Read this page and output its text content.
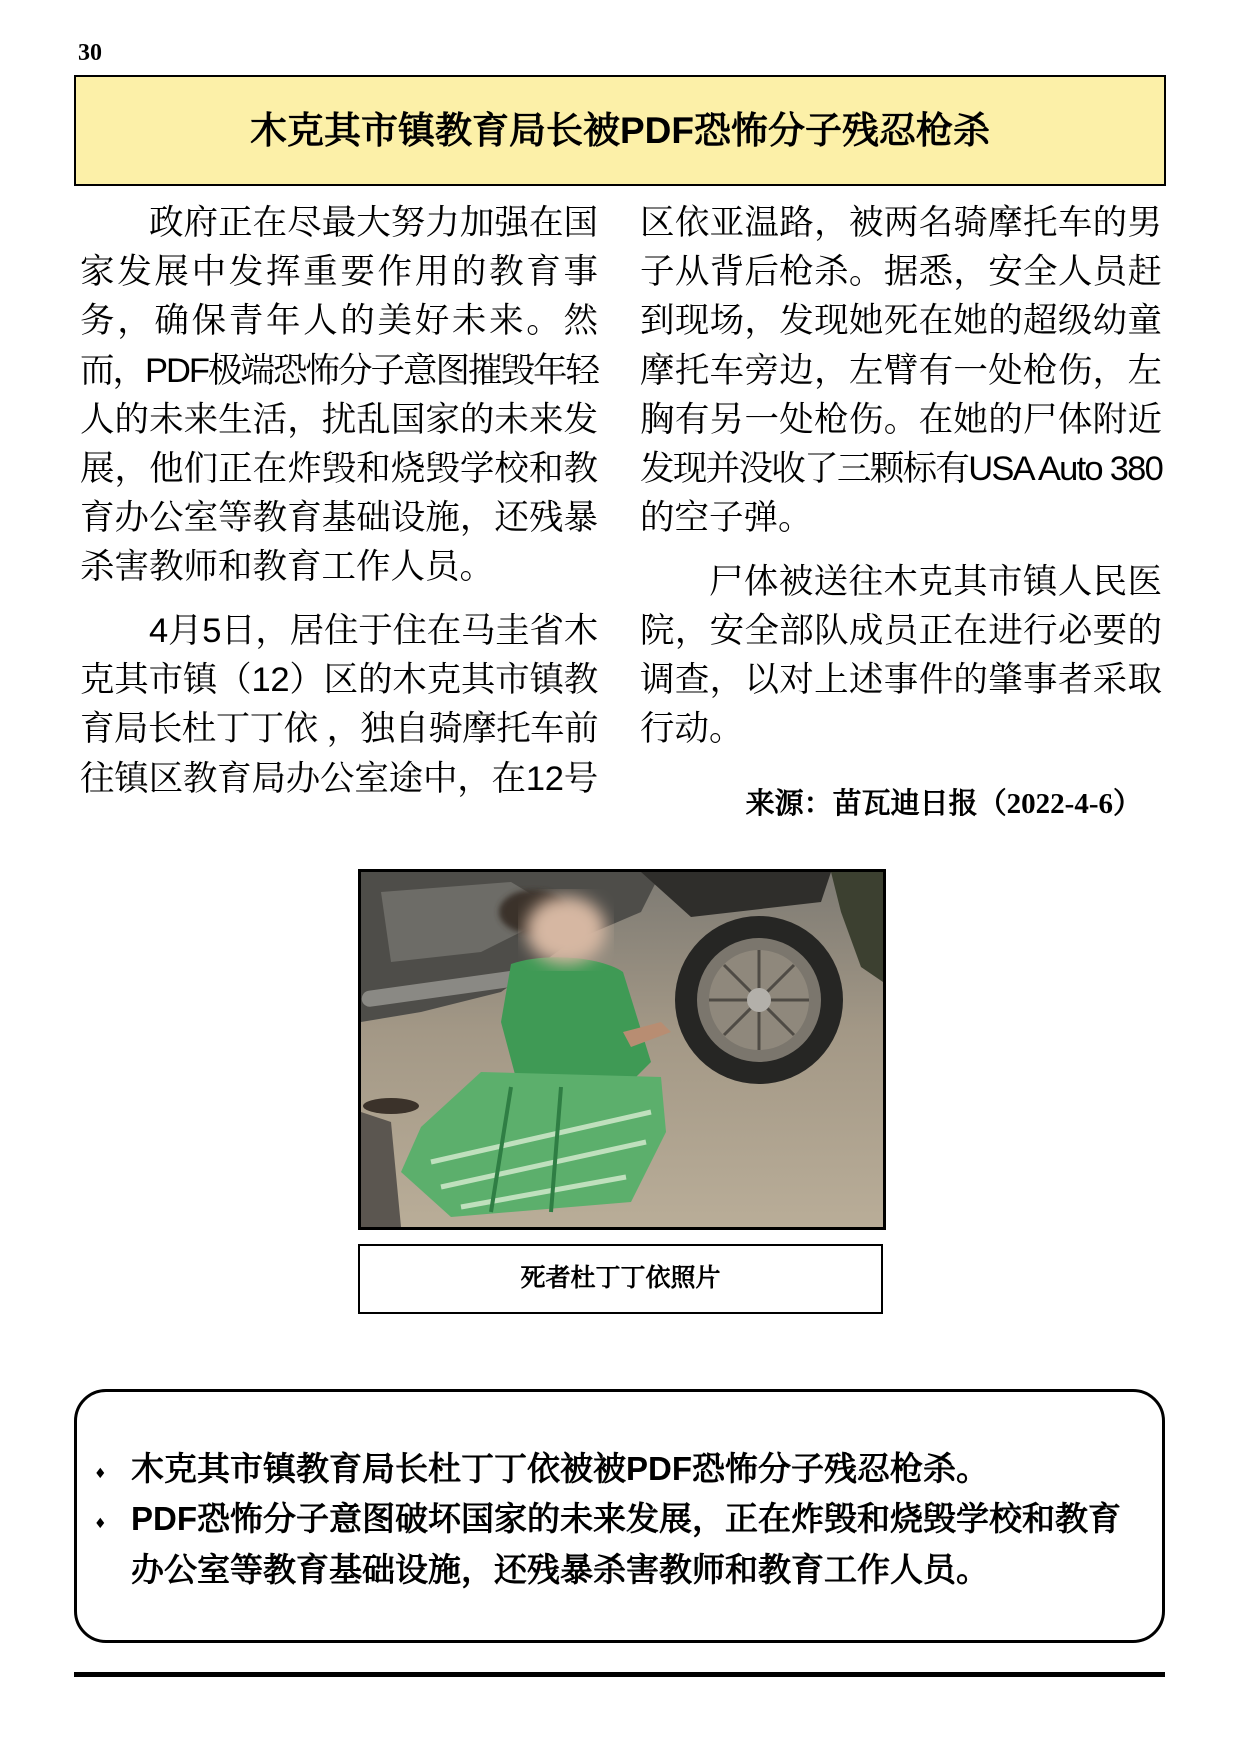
30
木克其市镇教育局长被PDF恐怖分子残忍枪杀
政府正在尽最大努力加强在国
家发展中发挥重要作用的教育事
务，确保青年人的美好未来。然
而，PDF极端恐怖分子意图摧毁年轻
人的未来生活，扰乱国家的未来发
展，他们正在炸毁和烧毁学校和教
育办公室等教育基础设施，还残暴
杀害教师和教育工作人员。
4月5日，居住于住在马圭省木
克其市镇（12）区的木克其市镇教
育局长杜丁丁依 ，独自骑摩托车前
往镇区教育局办公室途中，在12号
区依亚温路，被两名骑摩托车的男
子从背后枪杀。据悉，安全人员赶
到现场，发现她死在她的超级幼童
摩托车旁边，左臂有一处枪伤，左
胸有另一处枪伤。在她的尸体附近
发现并没收了三颗标有USA Auto 380
的空子弹。
尸体被送往木克其市镇人民医
院，安全部队成员正在进行必要的
调查，以对上述事件的肇事者采取
行动。
来源：苗瓦迪日报（2022-4-6）
死者杜丁丁依照片
♦
木克其市镇教育局长杜丁丁依被被PDF恐怖分子残忍枪杀。
♦
PDF恐怖分子意图破坏国家的未来发展，正在炸毁和烧毁学校和教育
办公室等教育基础设施，还残暴杀害教师和教育工作人员。
